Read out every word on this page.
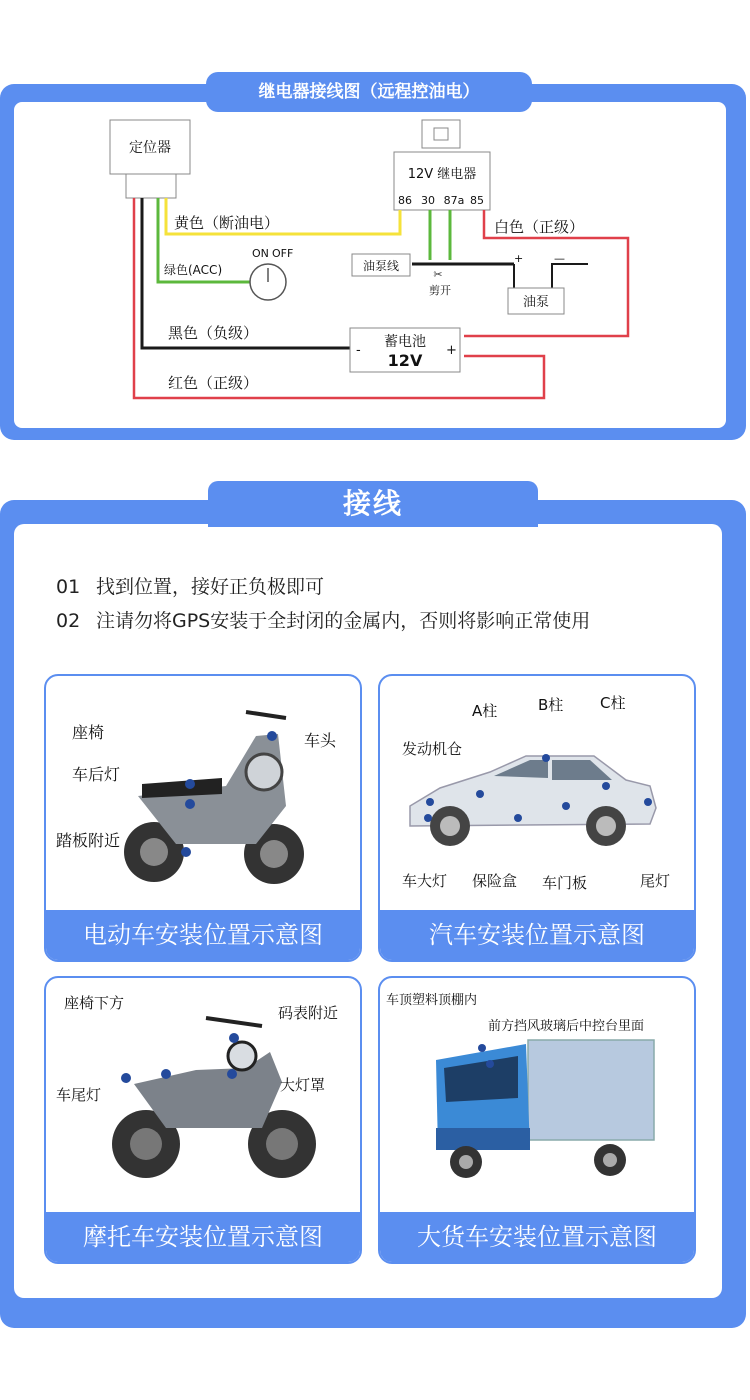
继电器接线图（远程控油电）
定位器
12V 继电器
86 30 87a 85
黄色（断油电）
绿色(ACC)
黑色（负级）
红色（正级）
白色（正级）
ON OFF
油泵线
✂
剪开
油泵
+	—
蓄电池
12V
-	+
接线
01 找到位置，接好正负极即可
02 注请勿将GPS安装于全封闭的金属内，否则将影响正常使用
座椅
车后灯
踏板附近
车头
电动车安装位置示意图
A柱	B柱 C柱
发动机仓
车大灯 保险盒 车门板	尾灯
汽车安装位置示意图
座椅下方
码表附近
车尾灯
大灯罩
摩托车安装位置示意图
车顶塑料顶棚内
前方挡风玻璃后中控台里面
大货车安装位置示意图
